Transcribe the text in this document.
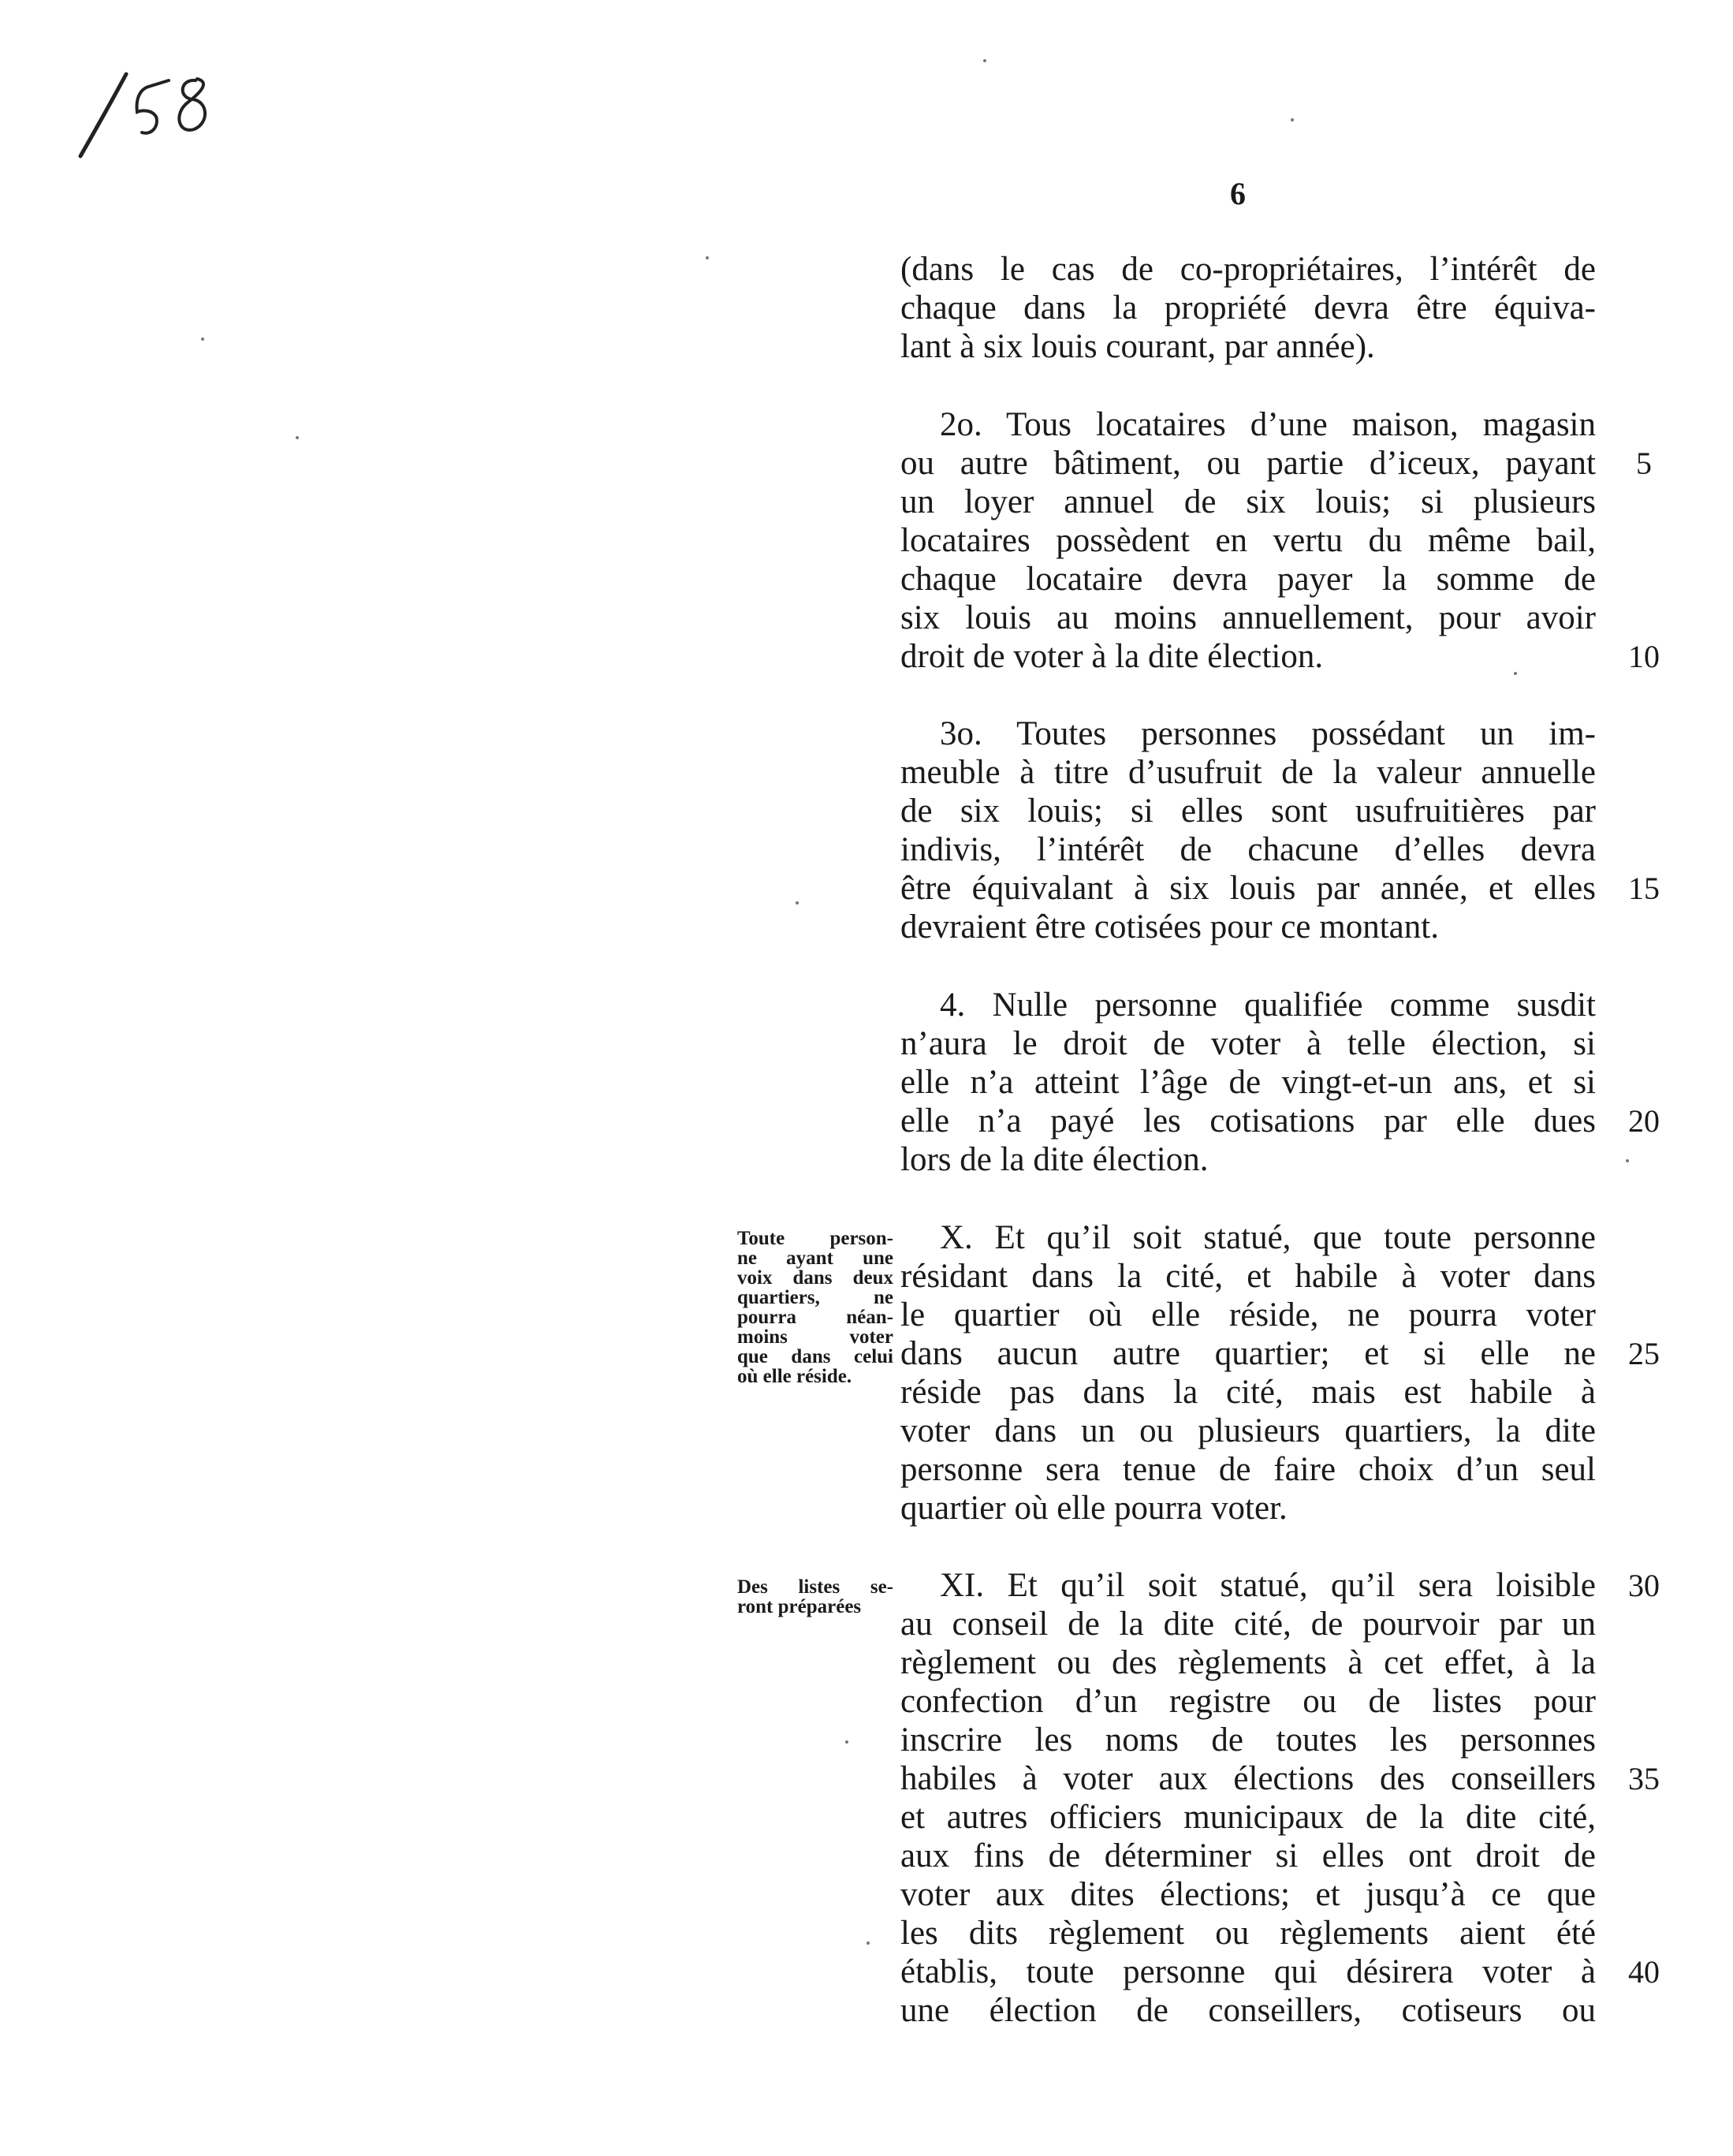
6
(dans le cas de co-propriétaires, l’intérêt de
chaque dans la propriété devra être équiva-
lant à six louis courant, par année).
2o. Tous locataires d’une maison, magasin
ou autre bâtiment, ou partie d’iceux, payant
un loyer annuel de six louis; si plusieurs
locataires possèdent en vertu du même bail,
chaque locataire devra payer la somme de
six louis au moins annuellement, pour avoir
droit de voter à la dite élection.
3o. Toutes personnes possédant un im-
meuble à titre d’usufruit de la valeur annuelle
de six louis; si elles sont usufruitières par
indivis, l’intérêt de chacune d’elles devra
être équivalant à six louis par année, et elles
devraient être cotisées pour ce montant.
4. Nulle personne qualifiée comme susdit
n’aura le droit de voter à telle élection, si
elle n’a atteint l’âge de vingt-et-un ans, et si
elle n’a payé les cotisations par elle dues
lors de la dite élection.
X. Et qu’il soit statué, que toute personne
résidant dans la cité, et habile à voter dans
le quartier où elle réside, ne pourra voter
dans aucun autre quartier; et si elle ne
réside pas dans la cité, mais est habile à
voter dans un ou plusieurs quartiers, la dite
personne sera tenue de faire choix d’un seul
quartier où elle pourra voter.
XI. Et qu’il soit statué, qu’il sera loisible
au conseil de la dite cité, de pourvoir par un
règlement ou des règlements à cet effet, à la
confection d’un registre ou de listes pour
inscrire les noms de toutes les personnes
habiles à voter aux élections des conseillers
et autres officiers municipaux de la dite cité,
aux fins de déterminer si elles ont droit de
voter aux dites élections; et jusqu’à ce que
les dits règlement ou règlements aient été
établis, toute personne qui désirera voter à
une élection de conseillers, cotiseurs ou
5
10
15
20
25
30
35
40
Toute person-
ne ayant une
voix dans deux
quartiers, ne
pourra néan-
moins voter
que dans celui
où elle réside.
Des listes se-
ront préparées
